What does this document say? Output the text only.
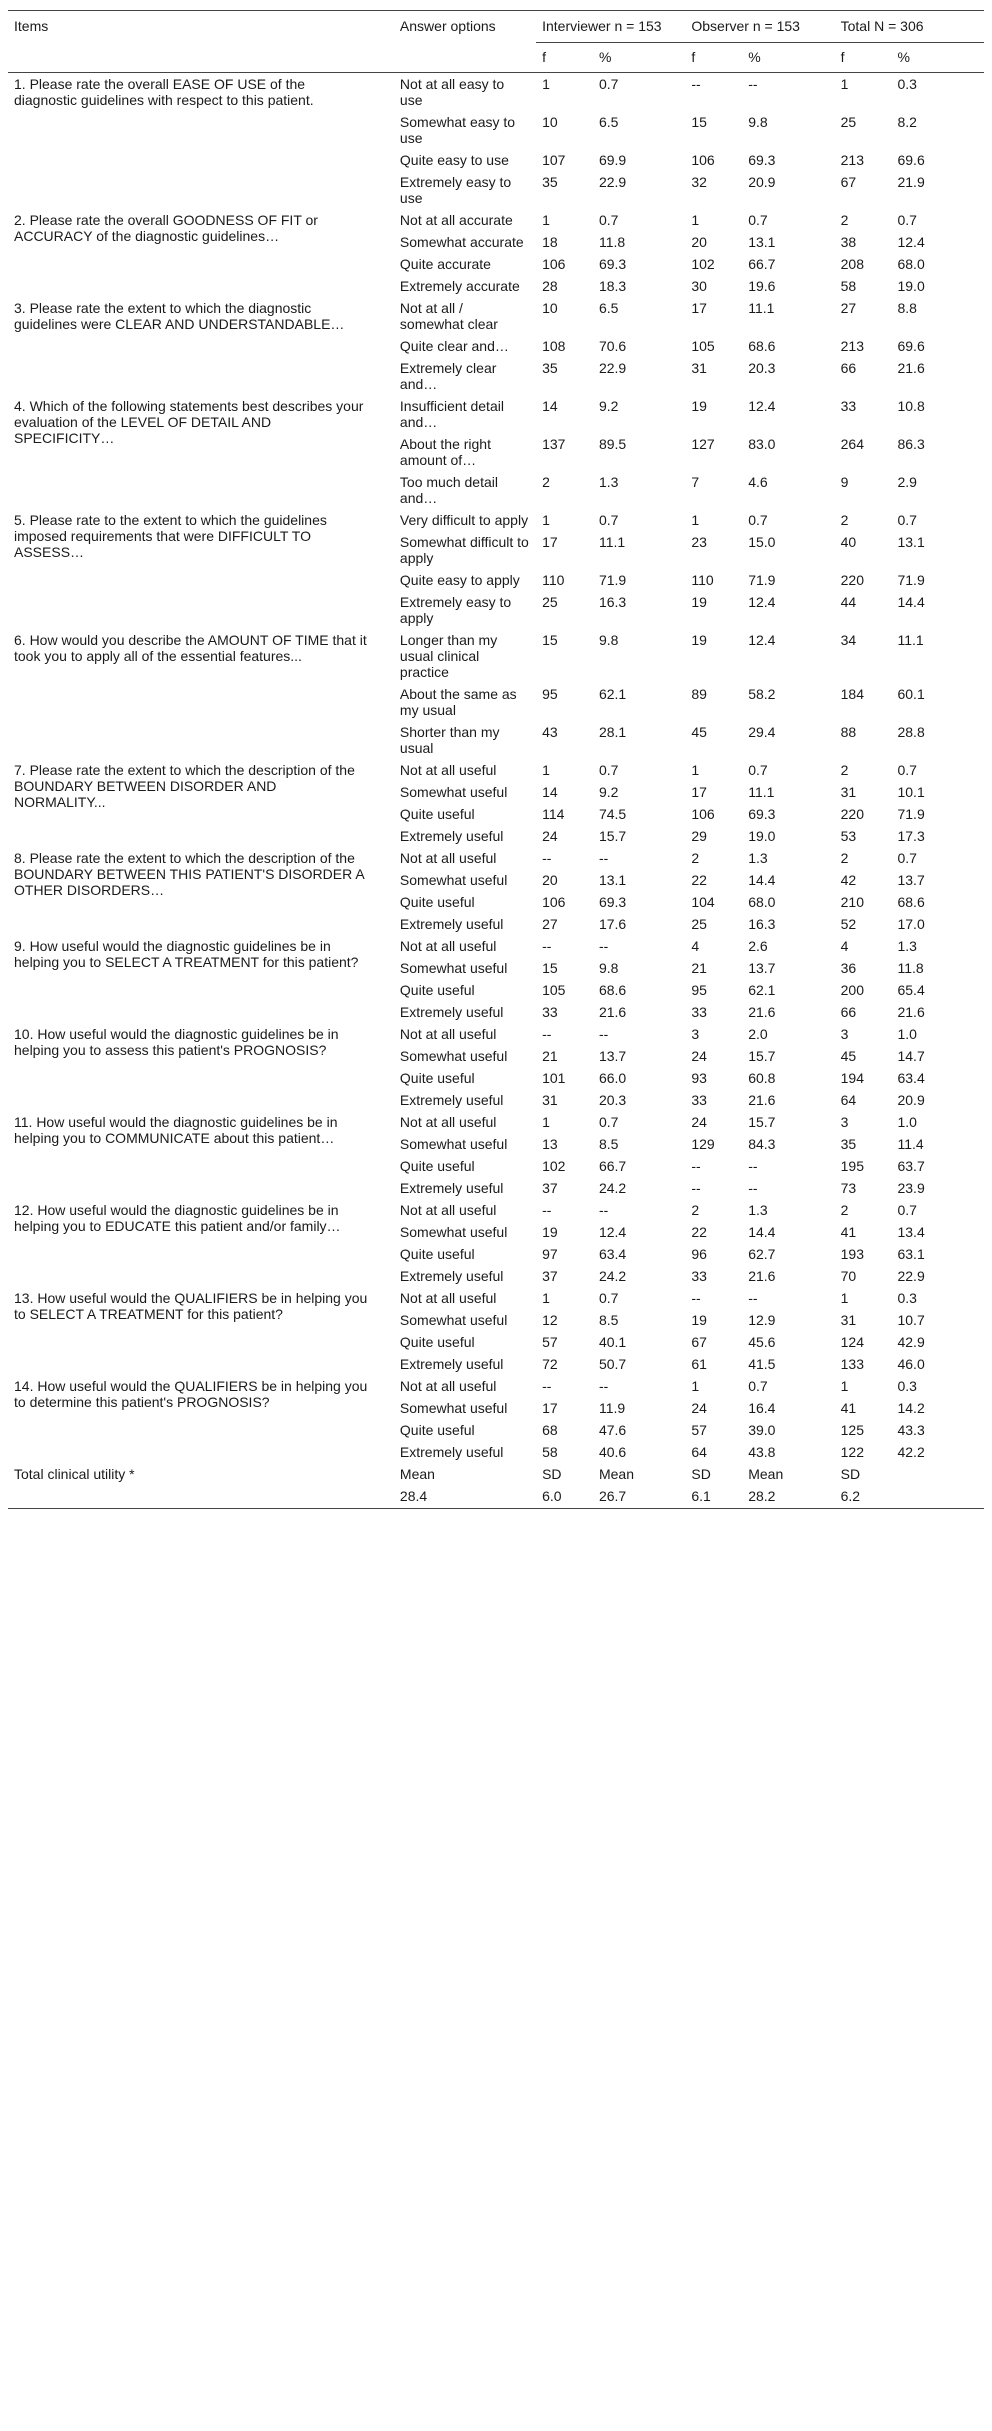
Items	Answer options	Interviewer n = 153		Observer n = 153		Total N = 306	
		f	%	f	%	f	%
1. Please rate the overall EASE OF USE of the diagnostic guidelines with respect to this patient.	Not at all easy to use	1	0.7	--	--	1	0.3
	Somewhat easy to use	10	6.5	15	9.8	25	8.2
	Quite easy to use	107	69.9	106	69.3	213	69.6
	Extremely easy to use	35	22.9	32	20.9	67	21.9
2. Please rate the overall GOODNESS OF FIT or ACCURACY of the diagnostic guidelines…	Not at all accurate	1	0.7	1	0.7	2	0.7
	Somewhat accurate	18	11.8	20	13.1	38	12.4
	Quite accurate	106	69.3	102	66.7	208	68.0
	Extremely accurate	28	18.3	30	19.6	58	19.0
3. Please rate the extent to which the diagnostic guidelines were CLEAR AND UNDERSTANDABLE…	Not at all / somewhat clear	10	6.5	17	11.1	27	8.8
	Quite clear and…	108	70.6	105	68.6	213	69.6
	Extremely clear and…	35	22.9	31	20.3	66	21.6
4. Which of the following statements best describes your evaluation of the LEVEL OF DETAIL AND SPECIFICITY…	Insufficient detail and…	14	9.2	19	12.4	33	10.8
	About the right amount of…	137	89.5	127	83.0	264	86.3
	Too much detail and…	2	1.3	7	4.6	9	2.9
5. Please rate to the extent to which the guidelines imposed requirements that were DIFFICULT TO ASSESS…	Very difficult to apply	1	0.7	1	0.7	2	0.7
	Somewhat difficult to apply	17	11.1	23	15.0	40	13.1
	Quite easy to apply	110	71.9	110	71.9	220	71.9
	Extremely easy to apply	25	16.3	19	12.4	44	14.4
6. How would you describe the AMOUNT OF TIME that it took you to apply all of the essential features...	Longer than my usual clinical practice	15	9.8	19	12.4	34	11.1
	About the same as my usual	95	62.1	89	58.2	184	60.1
	Shorter than my usual	43	28.1	45	29.4	88	28.8
7. Please rate the extent to which the description of the BOUNDARY BETWEEN DISORDER AND NORMALITY...	Not at all useful	1	0.7	1	0.7	2	0.7
	Somewhat useful	14	9.2	17	11.1	31	10.1
	Quite useful	114	74.5	106	69.3	220	71.9
	Extremely useful	24	15.7	29	19.0	53	17.3
8. Please rate the extent to which the description of the BOUNDARY BETWEEN THIS PATIENT'S DISORDER A OTHER DISORDERS…	Not at all useful	--	--	2	1.3	2	0.7
	Somewhat useful	20	13.1	22	14.4	42	13.7
	Quite useful	106	69.3	104	68.0	210	68.6
	Extremely useful	27	17.6	25	16.3	52	17.0
9. How useful would the diagnostic guidelines be in helping you to SELECT A TREATMENT for this patient?	Not at all useful	--	--	4	2.6	4	1.3
	Somewhat useful	15	9.8	21	13.7	36	11.8
	Quite useful	105	68.6	95	62.1	200	65.4
	Extremely useful	33	21.6	33	21.6	66	21.6
10. How useful would the diagnostic guidelines be in helping you to assess this patient's PROGNOSIS?	Not at all useful	--	--	3	2.0	3	1.0
	Somewhat useful	21	13.7	24	15.7	45	14.7
	Quite useful	101	66.0	93	60.8	194	63.4
	Extremely useful	31	20.3	33	21.6	64	20.9
11. How useful would the diagnostic guidelines be in helping you to COMMUNICATE about this patient…	Not at all useful	1	0.7	24	15.7	3	1.0
	Somewhat useful	13	8.5	129	84.3	35	11.4
	Quite useful	102	66.7	--	--	195	63.7
	Extremely useful	37	24.2	--	--	73	23.9
12. How useful would the diagnostic guidelines be in helping you to EDUCATE this patient and/or family…	Not at all useful	--	--	2	1.3	2	0.7
	Somewhat useful	19	12.4	22	14.4	41	13.4
	Quite useful	97	63.4	96	62.7	193	63.1
	Extremely useful	37	24.2	33	21.6	70	22.9
13. How useful would the QUALIFIERS be in helping you to SELECT A TREATMENT for this patient?	Not at all useful	1	0.7	--	--	1	0.3
	Somewhat useful	12	8.5	19	12.9	31	10.7
	Quite useful	57	40.1	67	45.6	124	42.9
	Extremely useful	72	50.7	61	41.5	133	46.0
14. How useful would the QUALIFIERS be in helping you to determine this patient's PROGNOSIS?	Not at all useful	--	--	1	0.7	1	0.3
	Somewhat useful	17	11.9	24	16.4	41	14.2
	Quite useful	68	47.6	57	39.0	125	43.3
	Extremely useful	58	40.6	64	43.8	122	42.2
Total clinical utility *	Mean	SD	Mean	SD	Mean	SD	
	28.4	6.0	26.7	6.1	28.2	6.2	
